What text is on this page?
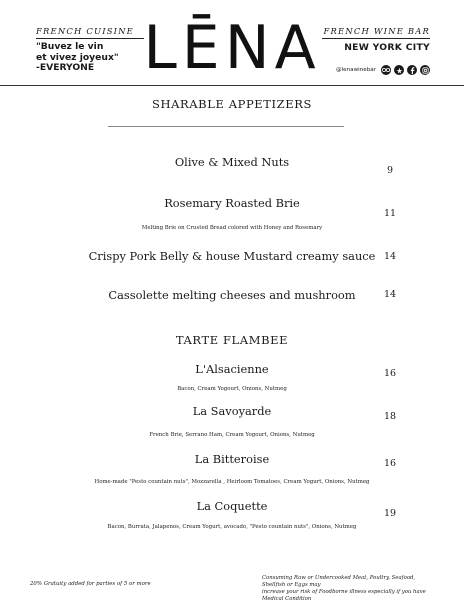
FRENCH CUISINE
"Buvez le vin
et vivez joyeux"
-EVERYONE LĒNA FRENCH WINE BAR
NEW YORK CITY
@lenawinebar
SHARABLE APPETIZERS
Olive & Mixed Nuts
9
Rosemary Roasted Brie
Melting Brie on Crusted Bread colored with Honey and Rosemary
11
Crispy Pork Belly & house Mustard creamy sauce 14
Cassolette melting cheeses and mushroom	14
TARTE FLAMBEE
L'Alsacienne
Bacon, Cream Yogourt, Onions, Nutmeg
16
La Savoyarde
French Brie, Serrano Ham, Cream Yogourt, Onions, Nutmeg
18
La Bitteroise
Home-made "Pesto countain nuts", Mozzarella , Heirloom Tomatoes, Cream Yogurt, Onions, Nutmeg
16
La Coquette
Bacon, Burrata, Jalapenos, Cream Yogurt, avocado, "Pesto countain nuts", Onions, Nutmeg
19
20% Gratuity added for parties of 5 or more
Consuming Raw or Undercooked Meat, Poultry, Seafood, Shellfish or Eggs may
increase your risk of Foodborne illness especially if you have Medical Condition
